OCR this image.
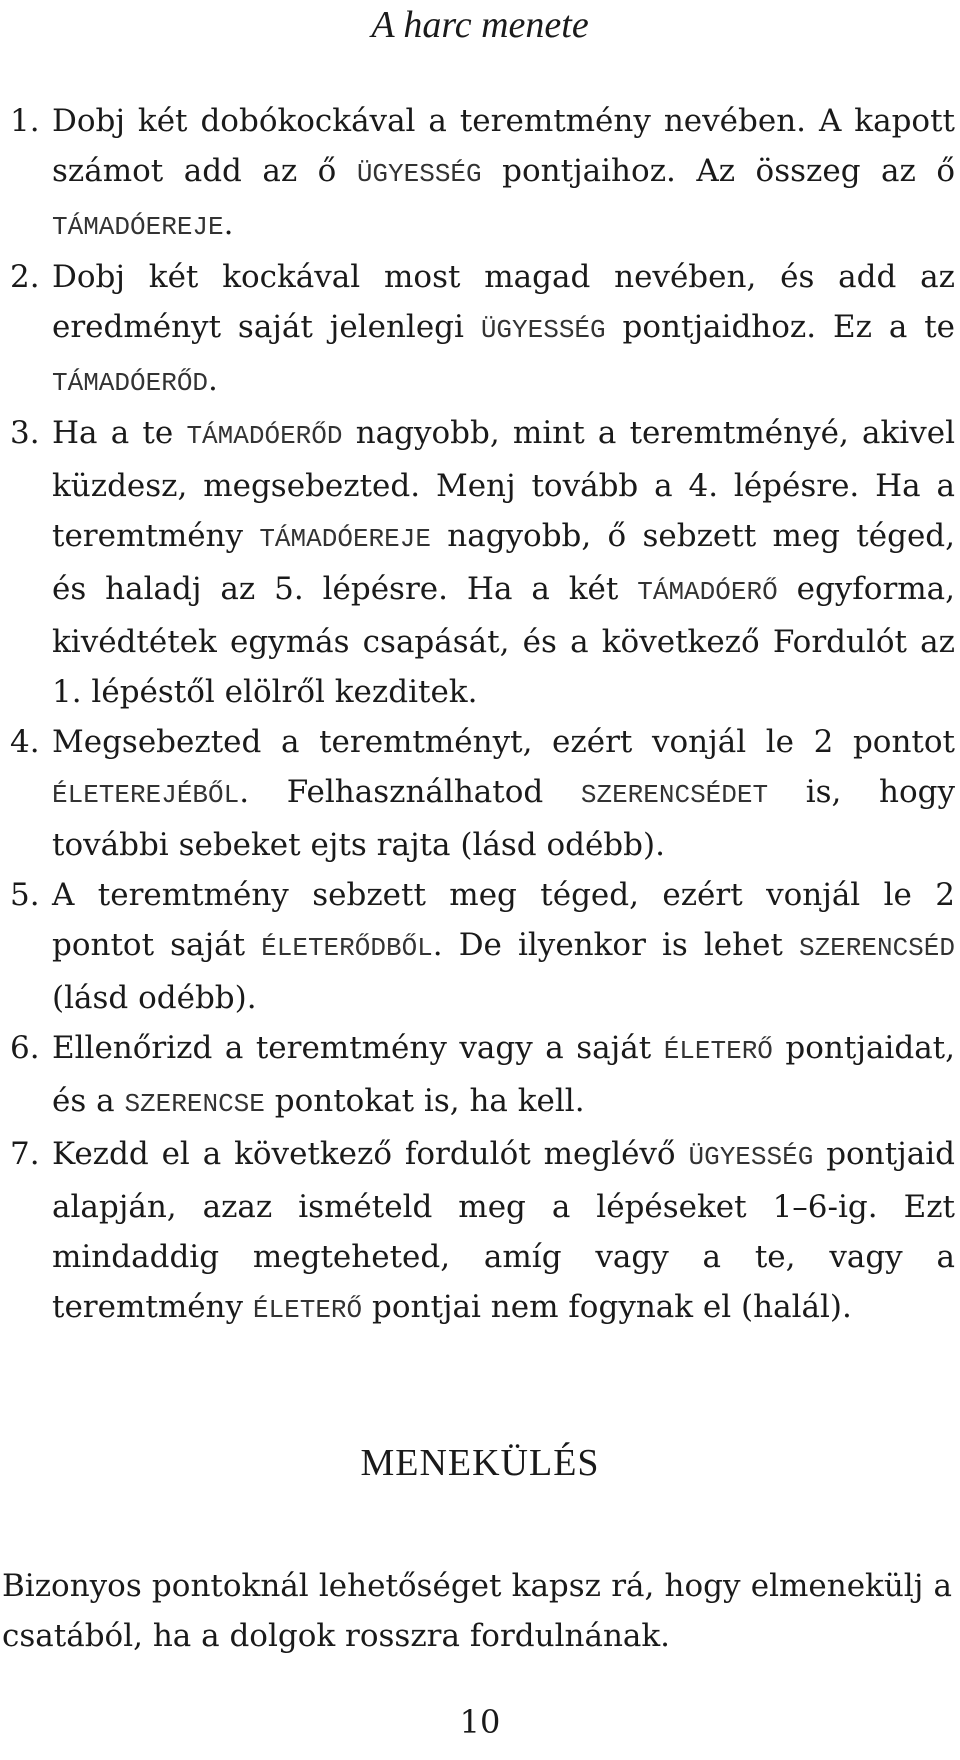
A harc menete
1. Dobj két dobókockával a teremtmény nevében. A kapott számot add az ő ÜGYESSÉG pontjaihoz. Az összeg az ő TÁMADÓEREJE.
2. Dobj két kockával most magad nevében, és add az eredményt saját jelenlegi ÜGYESSÉG pontjaidhoz. Ez a te TÁMADÓERŐD.
3. Ha a te TÁMADÓERŐD nagyobb, mint a teremtményé, akivel küzdesz, megsebezted. Menj tovább a 4. lépésre. Ha a teremtmény TÁMADÓEREJE nagyobb, ő sebzett meg téged, és haladj az 5. lépésre. Ha a két TÁMADÓERŐ egyforma, kivédtétek egymás csapását, és a következő Fordulót az 1. lépéstől elölről kezditek.
4. Megsebezted a teremtményt, ezért vonjál le 2 pontot ÉLETEREJÉBŐL. Felhasználhatod SZERENCSÉDET is, hogy további sebeket ejts rajta (lásd odébb).
5. A teremtmény sebzett meg téged, ezért vonjál le 2 pontot saját ÉLETERŐDBŐL. De ilyenkor is lehet SZERENCSÉD (lásd odébb).
6. Ellenőrizd a teremtmény vagy a saját ÉLETERŐ pontjaidat, és a SZERENCSE pontokat is, ha kell.
7. Kezdd el a következő fordulót meglévő ÜGYESSÉG pontjaid alapján, azaz ismételd meg a lépéseket 1–6-ig. Ezt mindaddig megteheted, amíg vagy a te, vagy a teremtmény ÉLETERŐ pontjai nem fogynak el (halál).
MENEKÜLÉS

Bizonyos pontoknál lehetőséget kapsz rá, hogy elmenekülj a csatából, ha a dolgok rosszra fordulnának.

10
